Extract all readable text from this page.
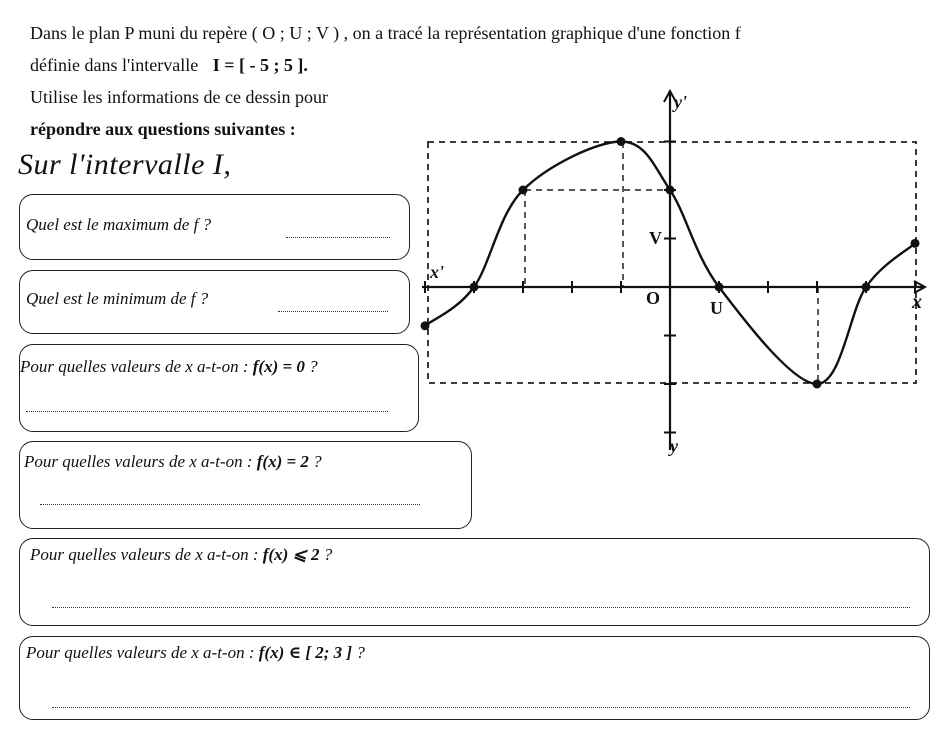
Dans le plan P muni du repère ( O ; U ; V ) , on a tracé la représentation graphique d'une fonction f
définie dans l'intervalle I = [ - 5 ; 5 ].
Utilise les informations de ce dessin pour
répondre aux questions suivantes :
Sur l'intervalle I,
Quel est le maximum de f ?
Quel est le minimum de f ?
Pour quelles valeurs de x a-t-on : f(x) = 0 ?
Pour quelles valeurs de x a-t-on : f(x) = 2 ?
Pour quelles valeurs de x a-t-on : f(x) ⩽ 2 ?
Pour quelles valeurs de x a-t-on : f(x) ∈ [ 2; 3 ] ?
y'
y
x'
x
O	U
V
